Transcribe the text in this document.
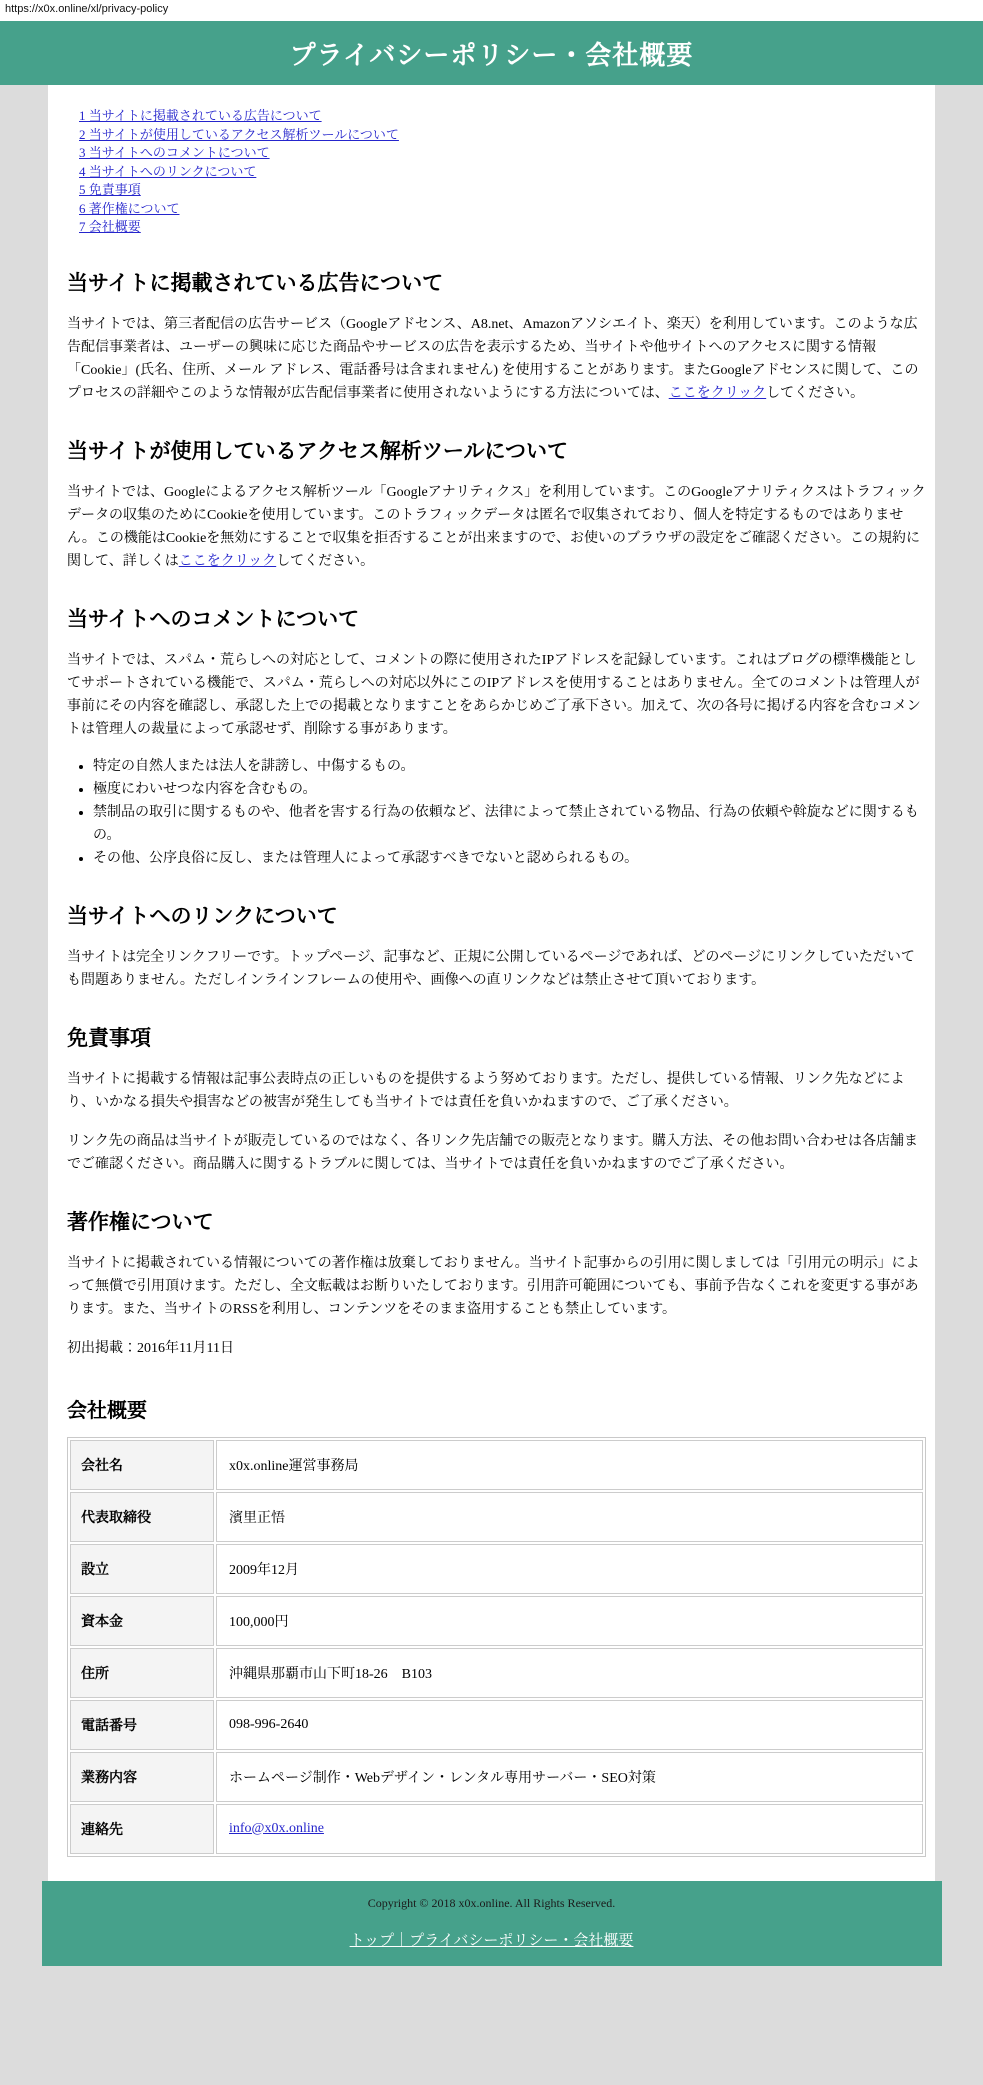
https://x0x.online/xl/privacy-policy
プライバシーポリシー・会社概要
1 当サイトに掲載されている広告について
2 当サイトが使用しているアクセス解析ツールについて
3 当サイトへのコメントについて
4 当サイトへのリンクについて
5 免責事項
6 著作権について
7 会社概要
当サイトに掲載されている広告について

当サイトでは、第三者配信の広告サービス（Googleアドセンス、A8.net、Amazonアソシエイト、楽天）を利用しています。このような広告配信事業者は、ユーザーの興味に応じた商品やサービスの広告を表示するため、当サイトや他サイトへのアクセスに関する情報 「Cookie」(氏名、住所、メール アドレス、電話番号は含まれません) を使用することがあります。またGoogleアドセンスに関して、このプロセスの詳細やこのような情報が広告配信事業者に使用されないようにする方法については、ここをクリックしてください。

当サイトが使用しているアクセス解析ツールについて

当サイトでは、Googleによるアクセス解析ツール「Googleアナリティクス」を利用しています。このGoogleアナリティクスはトラフィックデータの収集のためにCookieを使用しています。このトラフィックデータは匿名で収集されており、個人を特定するものではありません。この機能はCookieを無効にすることで収集を拒否することが出来ますので、お使いのブラウザの設定をご確認ください。この規約に関して、詳しくはここをクリックしてください。

当サイトへのコメントについて

当サイトでは、スパム・荒らしへの対応として、コメントの際に使用されたIPアドレスを記録しています。これはブログの標準機能としてサポートされている機能で、スパム・荒らしへの対応以外にこのIPアドレスを使用することはありません。全てのコメントは管理人が事前にその内容を確認し、承認した上での掲載となりますことをあらかじめご了承下さい。加えて、次の各号に掲げる内容を含むコメントは管理人の裁量によって承認せず、削除する事があります。

• 特定の自然人または法人を誹謗し、中傷するもの。
• 極度にわいせつな内容を含むもの。
• 禁制品の取引に関するものや、他者を害する行為の依頼など、法律によって禁止されている物品、行為の依頼や斡旋などに関するもの。
• その他、公序良俗に反し、または管理人によって承認すべきでないと認められるもの。
当サイトへのリンクについて

当サイトは完全リンクフリーです。トップページ、記事など、正規に公開しているページであれば、どのページにリンクしていただいても問題ありません。ただしインラインフレームの使用や、画像への直リンクなどは禁止させて頂いております。

免責事項

当サイトに掲載する情報は記事公表時点の正しいものを提供するよう努めております。ただし、提供している情報、リンク先などにより、いかなる損失や損害などの被害が発生しても当サイトでは責任を負いかねますので、ご了承ください。

リンク先の商品は当サイトが販売しているのではなく、各リンク先店舗での販売となります。購入方法、その他お問い合わせは各店舗までご確認ください。商品購入に関するトラブルに関しては、当サイトでは責任を負いかねますのでご了承ください。

著作権について

当サイトに掲載されている情報についての著作権は放棄しておりません。当サイト記事からの引用に関しましては「引用元の明示」によって無償で引用頂けます。ただし、全文転載はお断りいたしております。引用許可範囲についても、事前予告なくこれを変更する事があります。また、当サイトのRSSを利用し、コンテンツをそのまま盗用することも禁止しています。

初出掲載：2016年11月11日

会社概要
会社名	x0x.online運営事務局
代表取締役	濱里正悟
設立	2009年12月
資本金	100,000円
住所	沖縄県那覇市山下町18-26　B103
電話番号	098-996-2640
業務内容	ホームページ制作・Webデザイン・レンタル専用サーバー・SEO対策
連絡先	info@x0x.online

Copyright © 2018 x0x.online. All Rights Reserved.

トップ｜プライバシーポリシー・会社概要
